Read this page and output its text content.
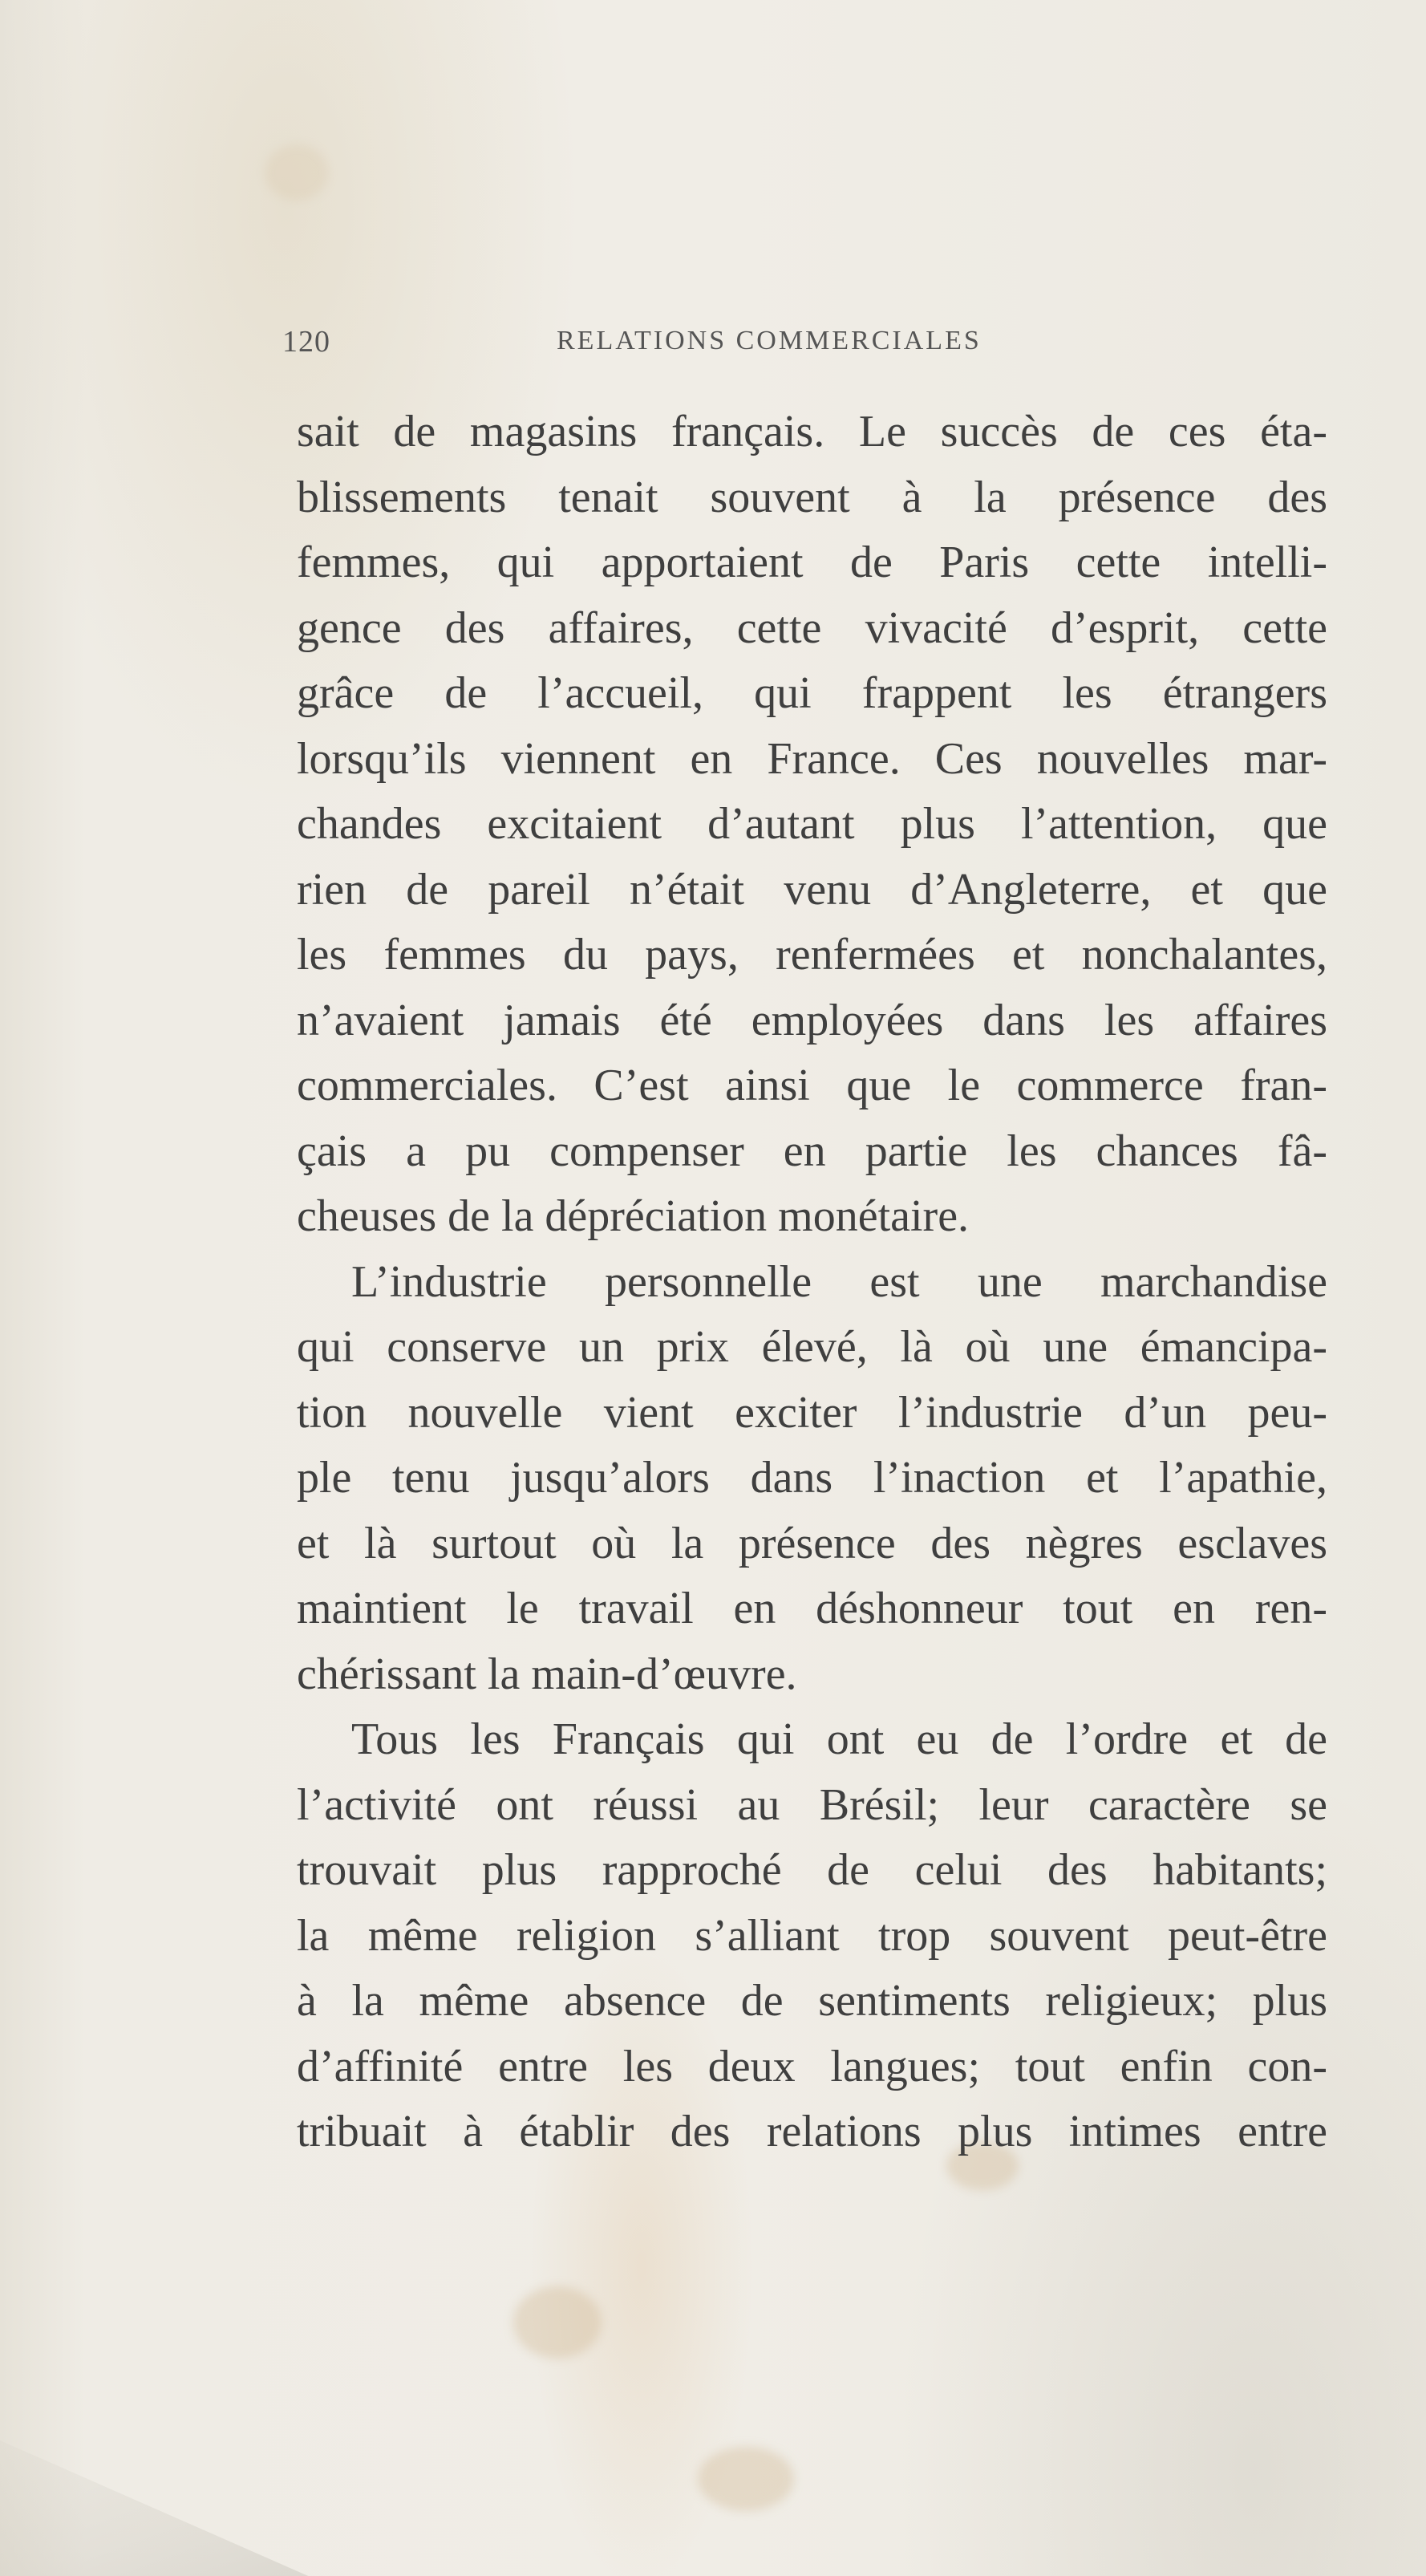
120	RELATIONS COMMERCIALES
sait de magasins français. Le succès de ces éta-
blissements tenait souvent à la présence des
femmes, qui apportaient de Paris cette intelli-
gence des affaires, cette vivacité d’esprit, cette
grâce de l’accueil, qui frappent les étrangers
lorsqu’ils viennent en France. Ces nouvelles mar-
chandes excitaient d’autant plus l’attention, que
rien de pareil n’était venu d’Angleterre, et que
les femmes du pays, renfermées et nonchalantes,
n’avaient jamais été employées dans les affaires
commerciales. C’est ainsi que le commerce fran-
çais a pu compenser en partie les chances fâ-
cheuses de la dépréciation monétaire.
L’industrie personnelle est une marchandise
qui conserve un prix élevé, là où une émancipa-
tion nouvelle vient exciter l’industrie d’un peu-
ple tenu jusqu’alors dans l’inaction et l’apathie,
et là surtout où la présence des nègres esclaves
maintient le travail en déshonneur tout en ren-
chérissant la main-d’œuvre.
Tous les Français qui ont eu de l’ordre et de
l’activité ont réussi au Brésil; leur caractère se
trouvait plus rapproché de celui des habitants;
la même religion s’alliant trop souvent peut-être
à la même absence de sentiments religieux; plus
d’affinité entre les deux langues; tout enfin con-
tribuait à établir des relations plus intimes entre
